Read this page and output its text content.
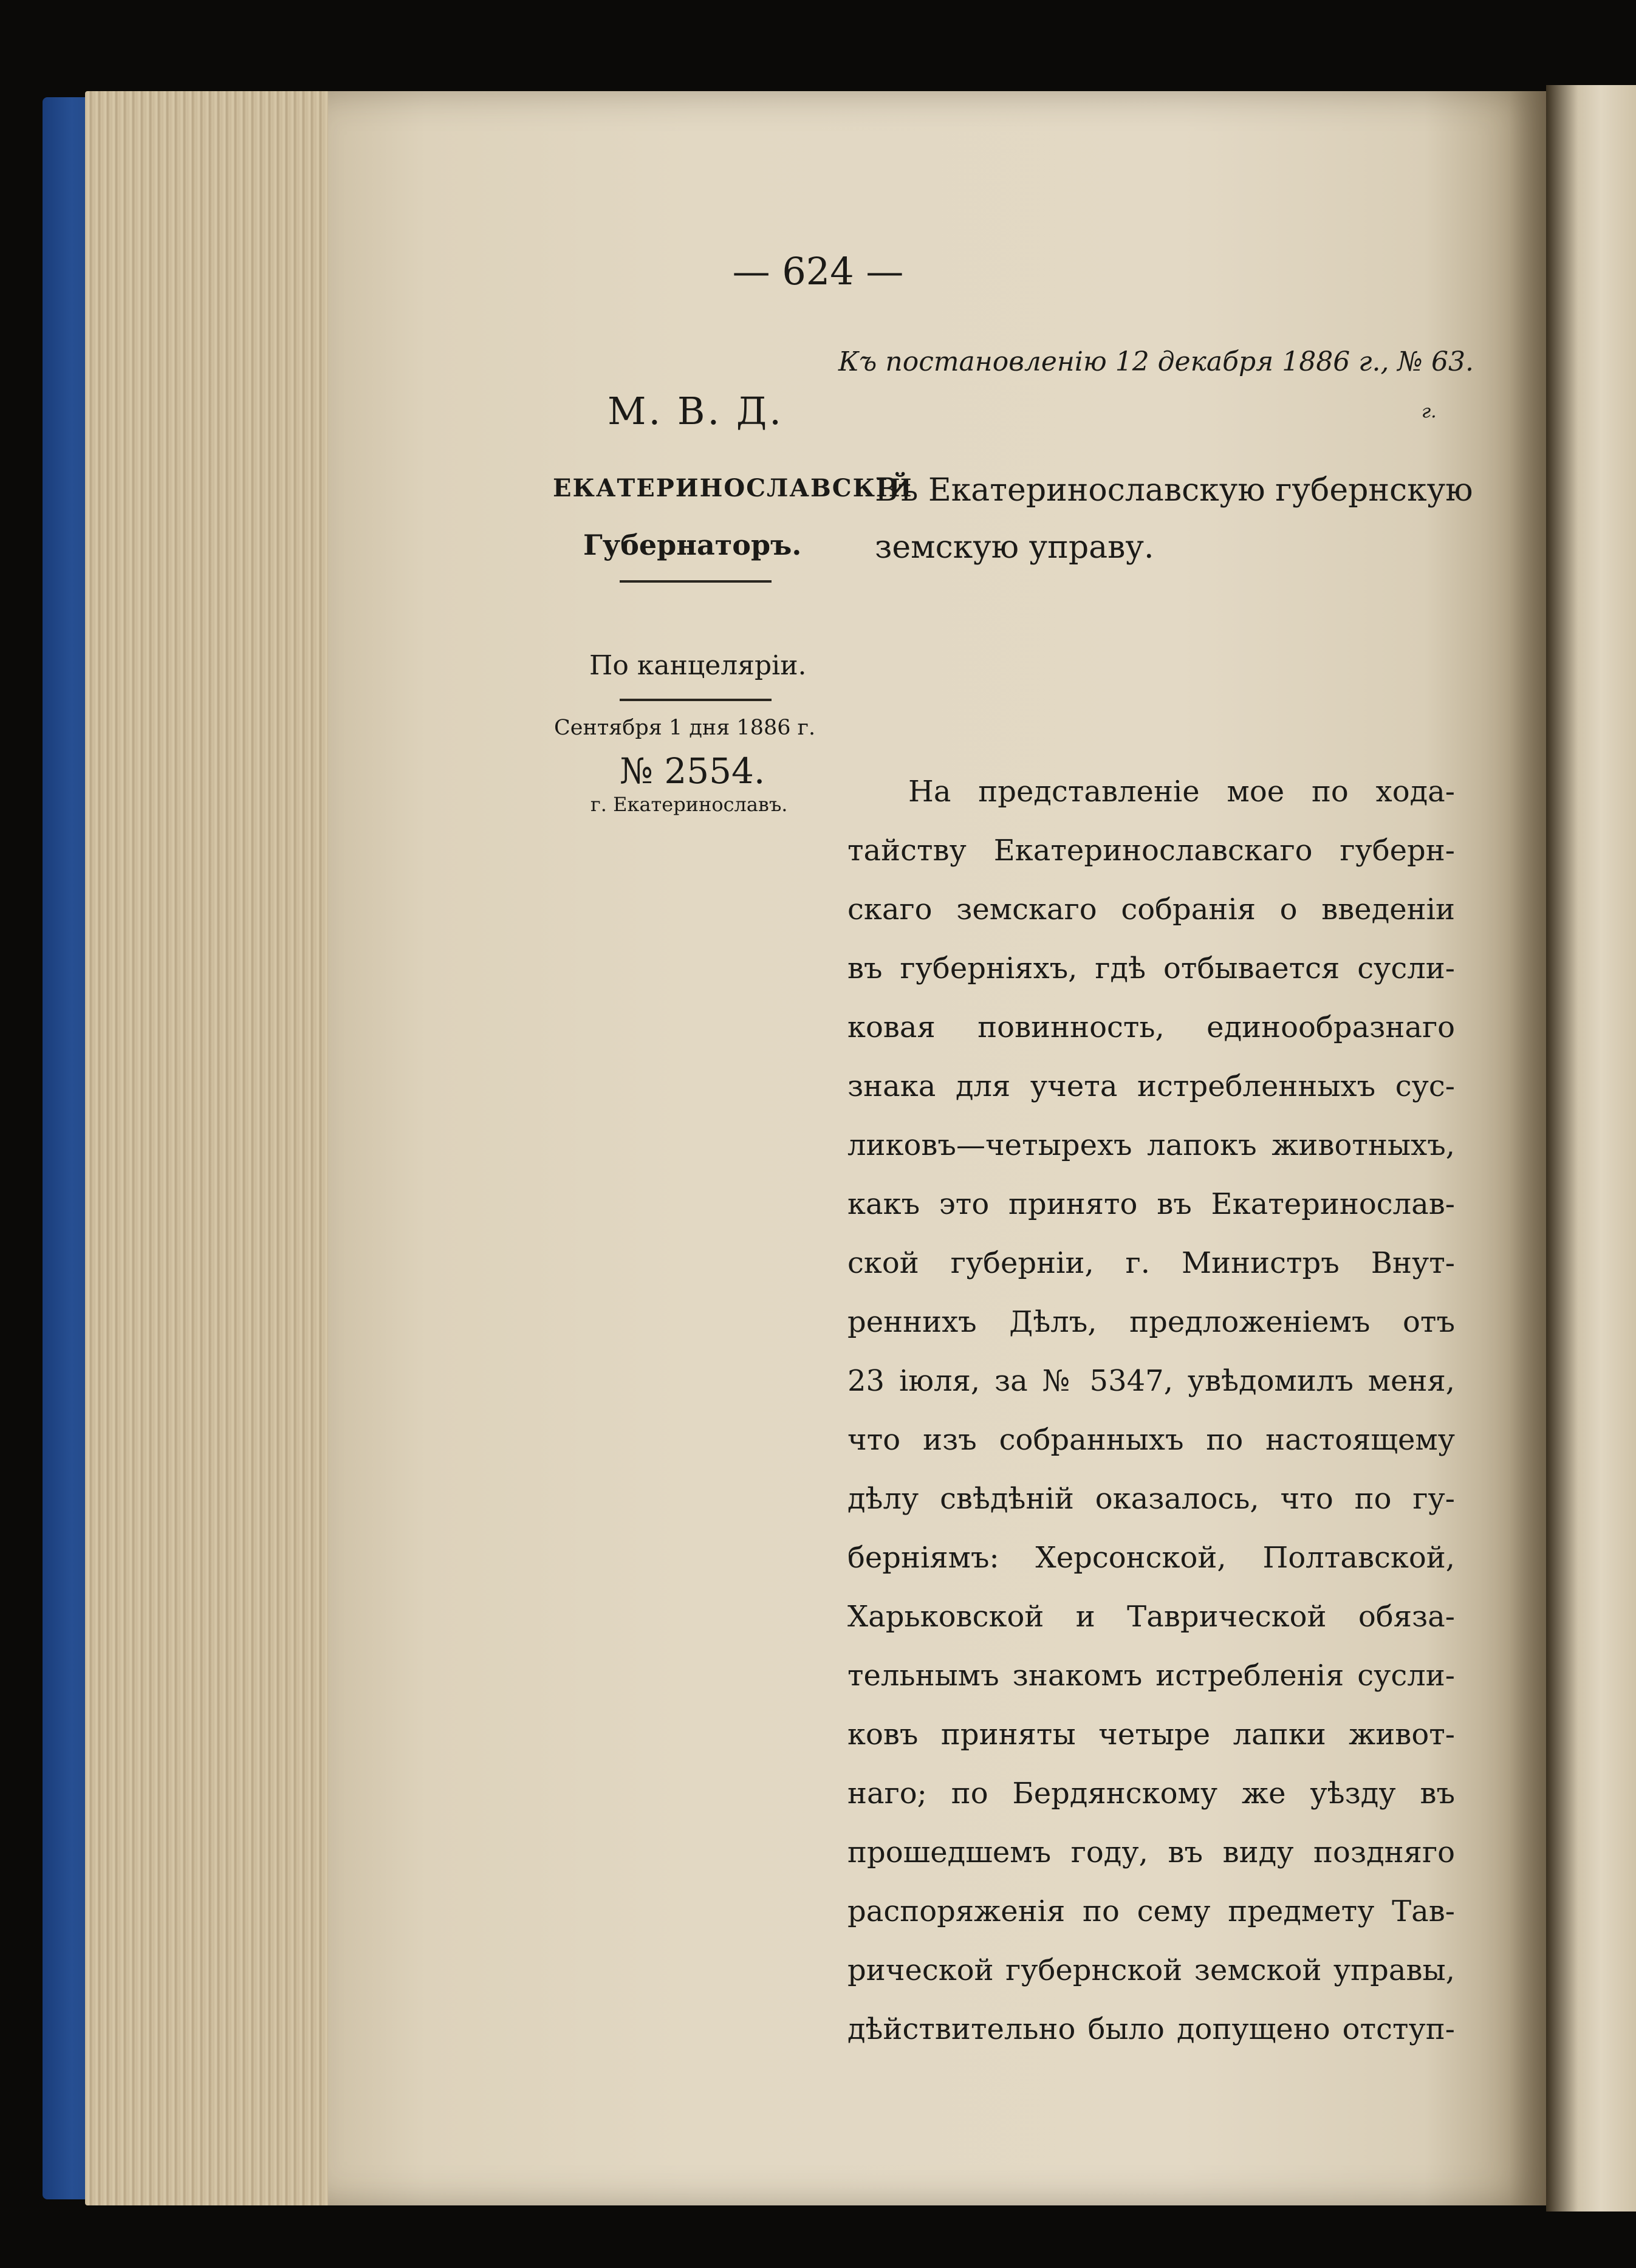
— 624 —
Къ постановленію 12 декабря 1886 г., № 63.
г.
М. В. Д.
ЕКАТЕРИНОСЛАВСКІЙ
Губернаторъ.
По канцеляріи.
Сентября 1 дня 1886 г.
№ 2554.
г. Екатеринославъ.
Въ Екатеринославскую губернскую
земскую управу.
На представленіе мое по хода-
тайству Екатеринославскаго губерн-
скаго земскаго собранія о введеніи
въ губерніяхъ, гдѣ отбывается сусли-
ковая повинность, единообразнаго
знака для учета истребленныхъ сус-
ликовъ—четырехъ лапокъ животныхъ,
какъ это принято въ Екатеринослав-
ской губерніи, г. Министръ Внут-
реннихъ Дѣлъ, предложеніемъ отъ
23 іюля, за № 5347, увѣдомилъ меня,
что изъ собранныхъ по настоящему
дѣлу свѣдѣній оказалось, что по гу-
берніямъ: Херсонской, Полтавской,
Харьковской и Таврической обяза-
тельнымъ знакомъ истребленія сусли-
ковъ приняты четыре лапки живот-
наго; по Бердянскому же уѣзду въ
прошедшемъ году, въ виду поздняго
распоряженія по сему предмету Тав-
рической губернской земской управы,
дѣйствительно было допущено отступ-
